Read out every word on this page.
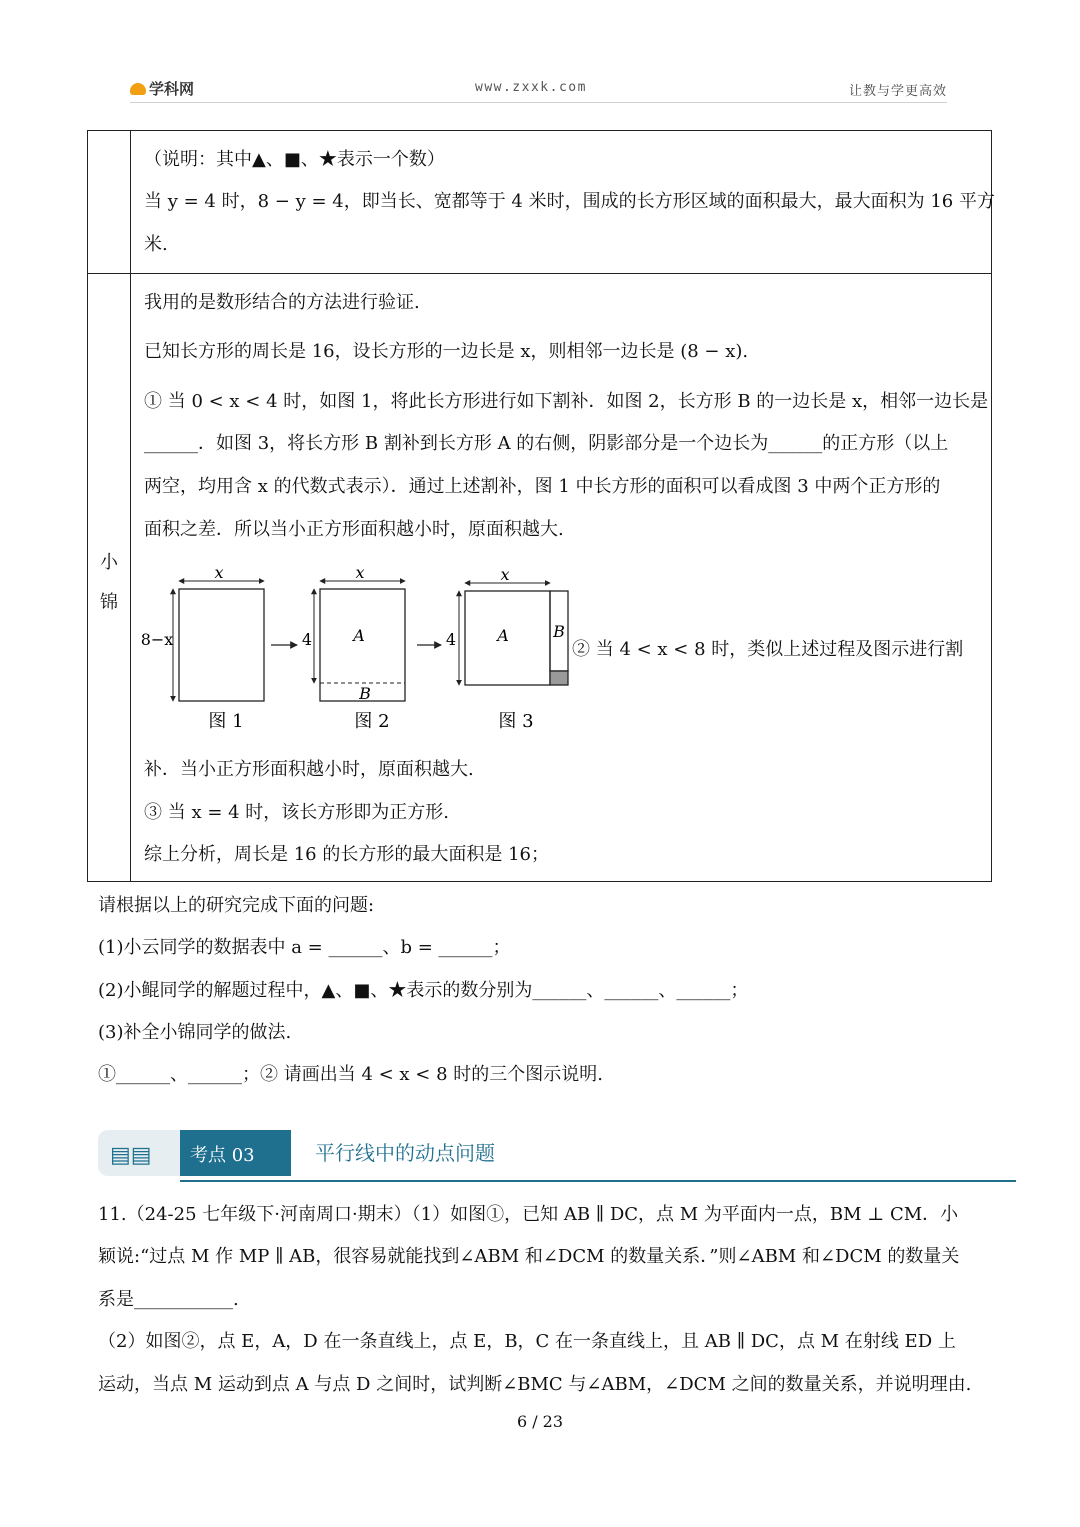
学科网	www.zxxk.com	让教与学更高效
（说明：其中▲、■、★表示一个数）
当 y = 4 时，8 − y = 4，即当长、宽都等于 4 米时，围成的长方形区域的面积最大，最大面积为 16 平方
米.
小 锦
我用的是数形结合的方法进行验证.
已知长方形的周长是 16，设长方形的一边长是 x，则相邻一边长是 (8 − x).
① 当 0 < x < 4 时，如图 1，将此长方形进行如下割补．如图 2，长方形 B 的一边长是 x，相邻一边长是
______．如图 3，将长方形 B 割补到长方形 A 的右侧，阴影部分是一个边长为______的正方形（以上
两空，均用含 x 的代数式表示）．通过上述割补，图 1 中长方形的面积可以看成图 3 中两个正方形的
面积之差．所以当小正方形面积越小时，原面积越大.
② 当 4 < x < 8 时，类似上述过程及图示进行割
补．当小正方形面积越小时，原面积越大.
③ 当 x = 4 时，该长方形即为正方形.
综上分析，周长是 16 的长方形的最大面积是 16；
x
8−x
图 1
x
4	A
B
图 2
x
4	A	B
图 3
请根据以上的研究完成下面的问题:
(1)小云同学的数据表中 a = ______、b = ______；
(2)小鲲同学的解题过程中，▲、■、★表示的数分别为______、______、______；
(3)补全小锦同学的做法.
①______、______；② 请画出当 4 < x < 8 时的三个图示说明.
▤▤ 考点 03	平行线中的动点问题
11.（24-25 七年级下·河南周口·期末）（1）如图①，已知 AB ∥ DC，点 M 为平面内一点，BM ⊥ CM．小
颖说:“过点 M 作 MP ∥ AB，很容易就能找到∠ABM 和∠DCM 的数量关系．”则∠ABM 和∠DCM 的数量关
系是___________.
（2）如图②，点 E，A，D 在一条直线上，点 E，B，C 在一条直线上，且 AB ∥ DC，点 M 在射线 ED 上
运动，当点 M 运动到点 A 与点 D 之间时，试判断∠BMC 与∠ABM，∠DCM 之间的数量关系，并说明理由.
6 / 23
